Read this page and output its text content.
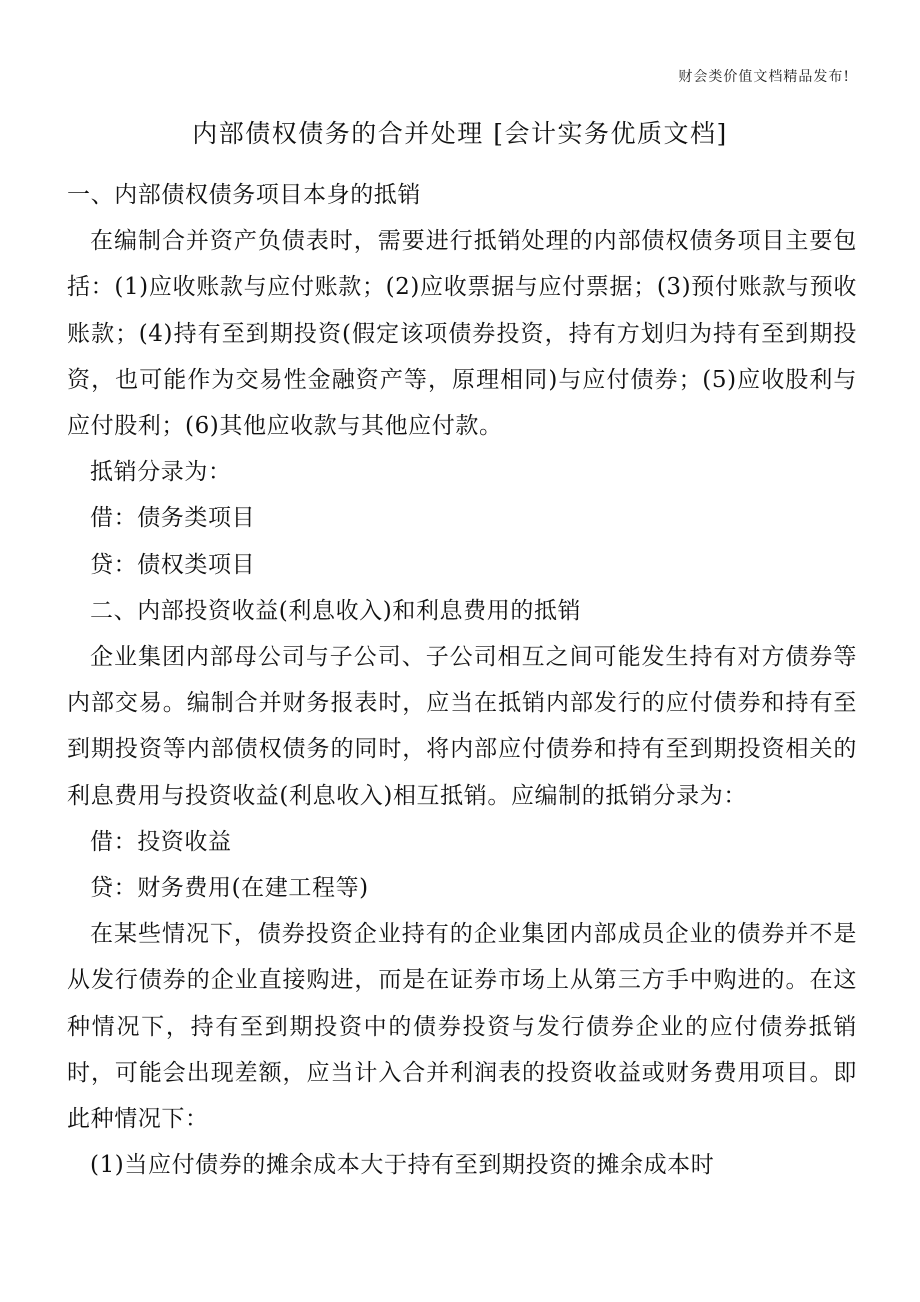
财会类价值文档精品发布!
内部债权债务的合并处理 [会计实务优质文档]

一、内部债权债务项目本身的抵销

在编制合并资产负债表时，需要进行抵销处理的内部债权债务项目主要包括：(1)应收账款与应付账款；(2)应收票据与应付票据；(3)预付账款与预收账款；(4)持有至到期投资(假定该项债券投资，持有方划归为持有至到期投资，也可能作为交易性金融资产等，原理相同)与应付债券；(5)应收股利与应付股利；(6)其他应收款与其他应付款。

抵销分录为：

借：债务类项目

贷：债权类项目

二、内部投资收益(利息收入)和利息费用的抵销

企业集团内部母公司与子公司、子公司相互之间可能发生持有对方债券等内部交易。编制合并财务报表时，应当在抵销内部发行的应付债券和持有至到期投资等内部债权债务的同时，将内部应付债券和持有至到期投资相关的利息费用与投资收益(利息收入)相互抵销。应编制的抵销分录为：

借：投资收益

贷：财务费用(在建工程等)

在某些情况下，债券投资企业持有的企业集团内部成员企业的债券并不是从发行债券的企业直接购进，而是在证券市场上从第三方手中购进的。在这种情况下，持有至到期投资中的债券投资与发行债券企业的应付债券抵销时，可能会出现差额，应当计入合并利润表的投资收益或财务费用项目。即此种情况下：

(1)当应付债券的摊余成本大于持有至到期投资的摊余成本时
